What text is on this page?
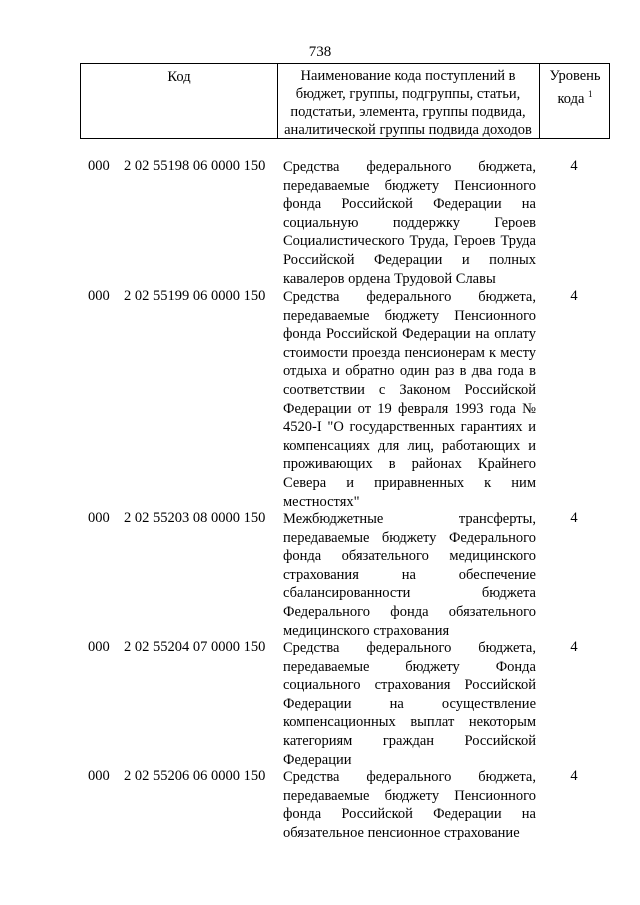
738
Код	Наименование кода поступлений в бюджет, группы, подгруппы, статьи, подстатьи, элемента, группы подвида, аналитической группы подвида доходов
Уровень
кода $^1$
000 2 02 55198 06 0000 150 Средства федерального бюджета, передаваемые бюджету Пенсионного фонда Российской Федерации на социальную поддержку Героев Социалистического Труда, Героев Труда Российской Федерации и полных кавалеров ордена Трудовой Славы
4
000 2 02 55199 06 0000 150 Средства федерального бюджета, передаваемые бюджету Пенсионного фонда Российской Федерации на оплату стоимости проезда пенсионерам к месту отдыха и обратно один раз в два года в соответствии с Законом Российской Федерации от 19 февраля 1993 года № 4520-I "О государственных гарантиях и компенсациях для лиц, работающих и проживающих в районах Крайнего Севера и приравненных к ним местностях"
4
000 2 02 55203 08 0000 150 Межбюджетные трансферты, передаваемые бюджету Федерального фонда обязательного медицинского страхования на обеспечение сбалансированности бюджета Федерального фонда обязательного медицинского страхования
4
000 2 02 55204 07 0000 150 Средства федерального бюджета, передаваемые бюджету Фонда социального страхования Российской Федерации на осуществление компенсационных выплат некоторым категориям граждан Российской Федерации
4
000 2 02 55206 06 0000 150 Средства федерального бюджета, передаваемые бюджету Пенсионного фонда Российской Федерации на обязательное пенсионное страхование
4
